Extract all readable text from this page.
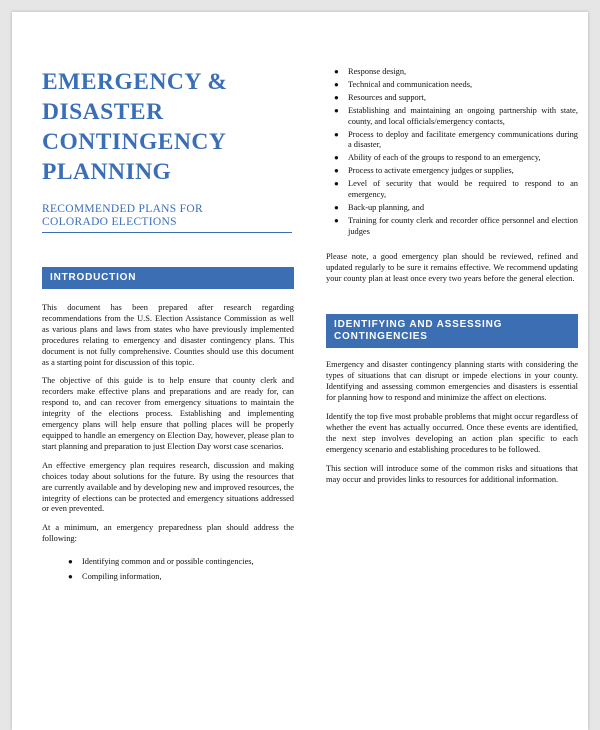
EMERGENCY &
DISASTER
CONTINGENCY
PLANNING
RECOMMENDED PLANS FOR
COLORADO ELECTIONS
INTRODUCTION

This document has been prepared after research regarding recommendations from the U.S. Election Assistance Commission as well as various plans and laws from states who have previously implemented procedures relating to emergency and disaster contingency plans. This document is not fully comprehensive. Counties should use this document as a starting point for discussion of this topic.

The objective of this guide is to help ensure that county clerk and recorders make effective plans and preparations and are ready for, can respond to, and can recover from emergency situations to maintain the integrity of the elections process. Establishing and implementing emergency plans will help ensure that polling places will be properly equipped to handle an emergency on Election Day, however, please plan to start planning and preparation to just Election Day worst case scenarios.

An effective emergency plan requires research, discussion and making choices today about solutions for the future. By using the resources that are currently available and by developing new and improved resources, the integrity of elections can be protected and emergency situations addressed or even prevented.

At a minimum, an emergency preparedness plan should address the following:

● Identifying common and or possible contingencies,
● Compiling information,
● Response design,
● Technical and communication needs,
● Resources and support,
● Establishing and maintaining an ongoing partnership with state, county, and local officials/emergency contacts,
● Process to deploy and facilitate emergency communications during a disaster,
● Ability of each of the groups to respond to an emergency,
● Process to activate emergency judges or supplies,
● Level of security that would be required to respond to an emergency,
● Back-up planning, and
● Training for county clerk and recorder office personnel and election judges

Please note, a good emergency plan should be reviewed, refined and updated regularly to be sure it remains effective. We recommend updating your county plan at least once every two years before the general election.

IDENTIFYING AND ASSESSING
CONTINGENCIES

Emergency and disaster contingency planning starts with considering the types of situations that can disrupt or impede elections in your county. Identifying and assessing common emergencies and disasters is essential for planning how to respond and minimize the affect on elections.

Identify the top five most probable problems that might occur regardless of whether the event has actually occurred. Once these events are identified, the next step involves developing an action plan specific to each emergency scenario and establishing procedures to be followed.

This section will introduce some of the common risks and situations that may occur and provides links to resources for additional information.
